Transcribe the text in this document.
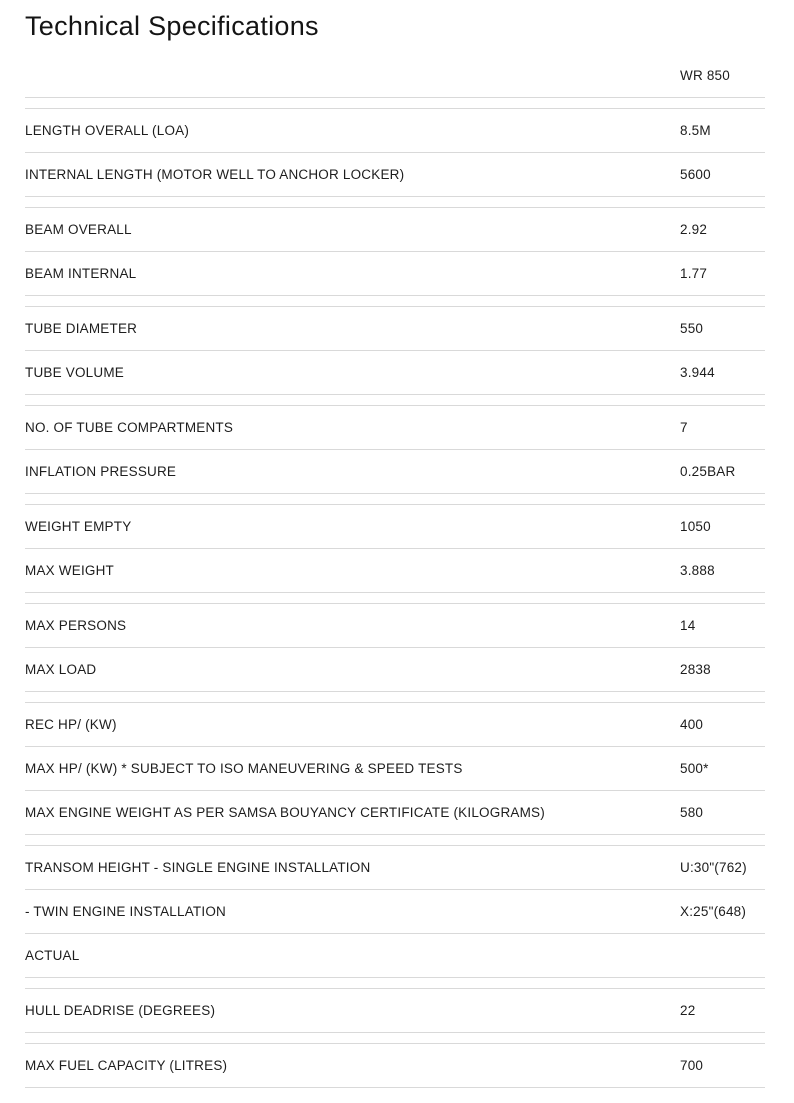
Technical Specifications
WR 850
LENGTH OVERALL (LOA)	8.5M
INTERNAL LENGTH (MOTOR WELL TO ANCHOR LOCKER)	5600
BEAM OVERALL	2.92
BEAM INTERNAL	1.77
TUBE DIAMETER	550
TUBE VOLUME	3.944
NO. OF TUBE COMPARTMENTS	7
INFLATION PRESSURE	0.25BAR
WEIGHT EMPTY	1050
MAX WEIGHT	3.888
MAX PERSONS	14
MAX LOAD	2838
REC HP/ (KW)	400
MAX HP/ (KW) * SUBJECT TO ISO MANEUVERING & SPEED TESTS	500*
MAX ENGINE WEIGHT AS PER SAMSA BOUYANCY CERTIFICATE (KILOGRAMS)	580
TRANSOM HEIGHT - SINGLE ENGINE INSTALLATION	U:30"(762)
- TWIN ENGINE INSTALLATION	X:25"(648)
ACTUAL
HULL DEADRISE (DEGREES)	22
MAX FUEL CAPACITY (LITRES)	700
